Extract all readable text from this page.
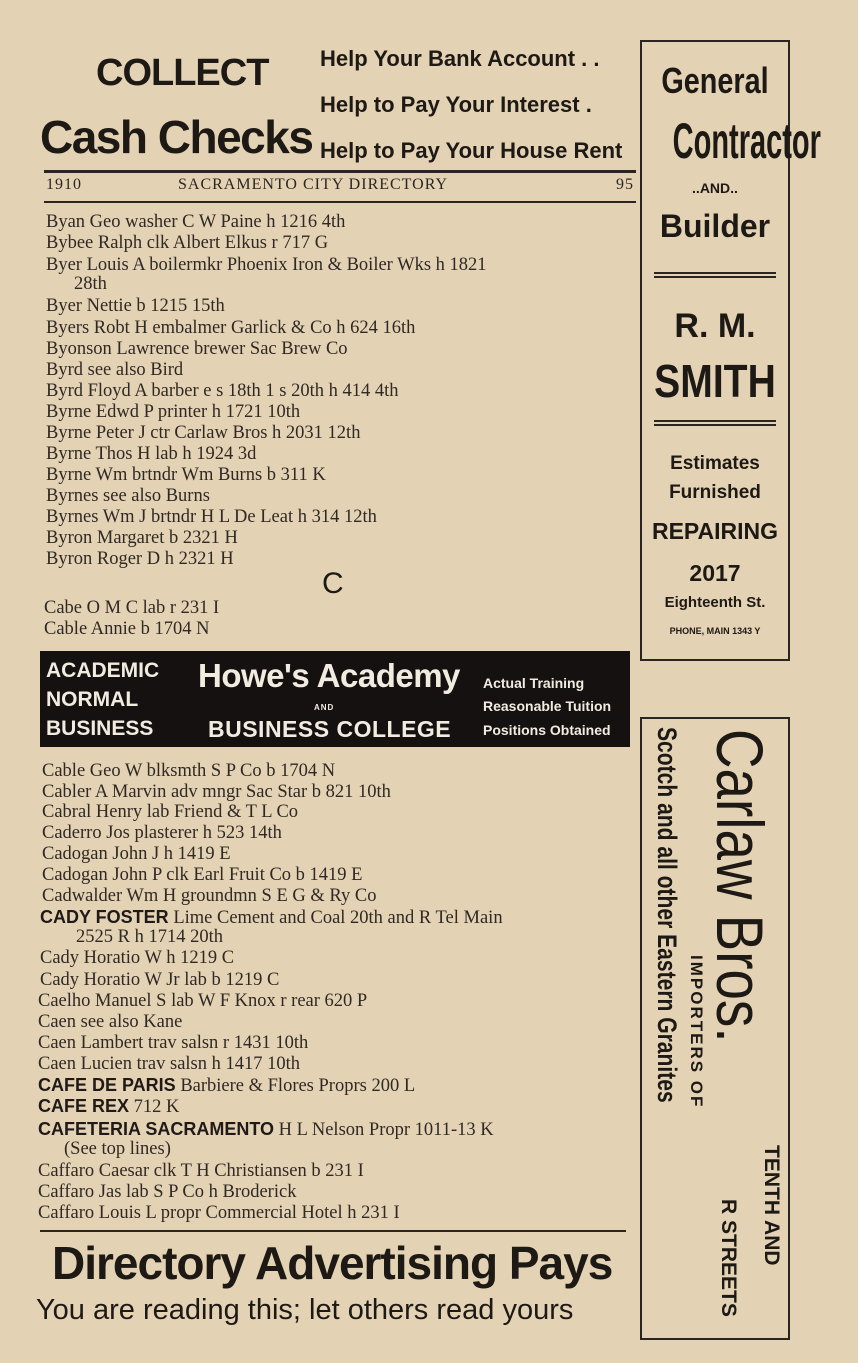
COLLECT
Cash Checks
Help Your Bank Account . .
Help to Pay Your Interest .
Help to Pay Your House Rent
1910	SACRAMENTO CITY DIRECTORY	95
Byan Geo washer C W Paine h 1216 4th
Bybee Ralph clk Albert Elkus r 717 G
Byer Louis A boilermkr Phoenix Iron & Boiler Wks h 1821
28th
Byer Nettie b 1215 15th
Byers Robt H embalmer Garlick & Co h 624 16th
Byonson Lawrence brewer Sac Brew Co
Byrd see also Bird
Byrd Floyd A barber e s 18th 1 s 20th h 414 4th
Byrne Edwd P printer h 1721 10th
Byrne Peter J ctr Carlaw Bros h 2031 12th
Byrne Thos H lab h 1924 3d
Byrne Wm brtndr Wm Burns b 311 K
Byrnes see also Burns
Byrnes Wm J brtndr H L De Leat h 314 12th
Byron Margaret b 2321 H
Byron Roger D h 2321 H
C
Cabe O M C lab r 231 I
Cable Annie b 1704 N
ACADEMIC
NORMAL
BUSINESS
Howe's Academy
AND
BUSINESS COLLEGE
Actual Training
Reasonable Tuition
Positions Obtained
Cable Geo W blksmth S P Co b 1704 N
Cabler A Marvin adv mngr Sac Star b 821 10th
Cabral Henry lab Friend & T L Co
Caderro Jos plasterer h 523 14th
Cadogan John J h 1419 E
Cadogan John P clk Earl Fruit Co b 1419 E
Cadwalder Wm H groundmn S E G & Ry Co
CADY FOSTER Lime Cement and Coal 20th and R Tel Main
2525 R h 1714 20th
Cady Horatio W h 1219 C
Cady Horatio W Jr lab b 1219 C
Caelho Manuel S lab W F Knox r rear 620 P
Caen see also Kane
Caen Lambert trav salsn r 1431 10th
Caen Lucien trav salsn h 1417 10th
CAFE DE PARIS Barbiere & Flores Proprs 200 L
CAFE REX 712 K
CAFETERIA SACRAMENTO H L Nelson Propr 1011-13 K
(See top lines)
Caffaro Caesar clk T H Christiansen b 231 I
Caffaro Jas lab S P Co h Broderick
Caffaro Louis L propr Commercial Hotel h 231 I
Directory Advertising Pays
You are reading this; let others read yours
General
Contractor
..AND..
Builder
R. M.
SMITH
Estimates
Furnished
REPAIRING
2017
Eighteenth St.
PHONE, MAIN 1343 Y
Carlaw Bros.
IMPORTERS OF
Scotch and all other Eastern Granites
TENTH AND
R STREETS
